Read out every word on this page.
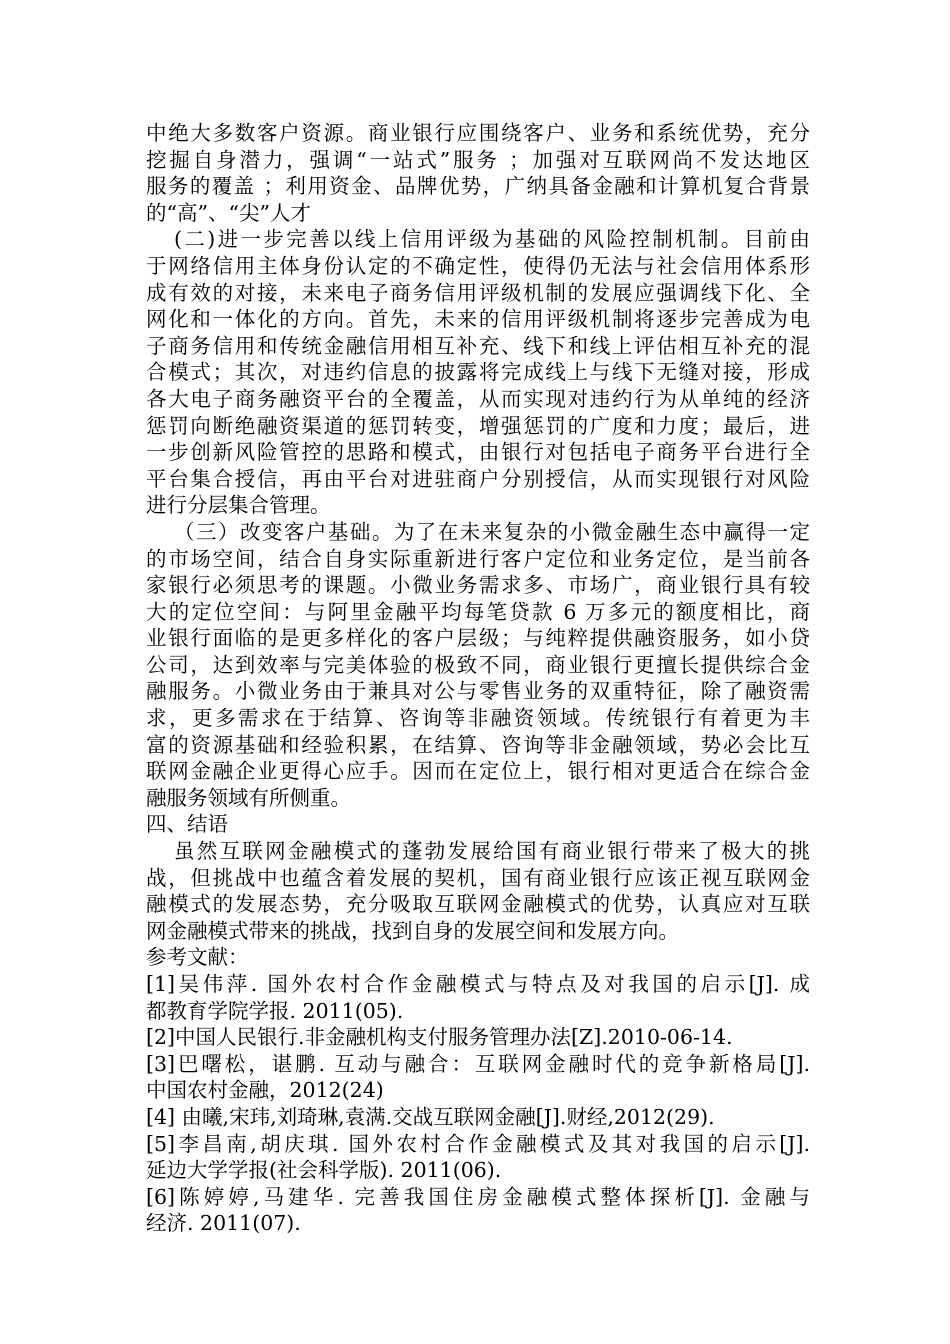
中绝大多数客户资源。商业银行应围绕客户、业务和系统优势，充分
挖掘自身潜力，强调“一站式”服务 ；加强对互联网尚不发达地区
服务的覆盖 ；利用资金、品牌优势，广纳具备金融和计算机复合背景
的“高”、“尖”人才
(二)进一步完善以线上信用评级为基础的风险控制机制。目前由
于网络信用主体身份认定的不确定性，使得仍无法与社会信用体系形
成有效的对接，未来电子商务信用评级机制的发展应强调线下化、全
网化和一体化的方向。首先，未来的信用评级机制将逐步完善成为电
子商务信用和传统金融信用相互补充、线下和线上评估相互补充的混
合模式；其次，对违约信息的披露将完成线上与线下无缝对接，形成
各大电子商务融资平台的全覆盖，从而实现对违约行为从单纯的经济
惩罚向断绝融资渠道的惩罚转变，增强惩罚的广度和力度；最后，进
一步创新风险管控的思路和模式，由银行对包括电子商务平台进行全
平台集合授信，再由平台对进驻商户分别授信，从而实现银行对风险
进行分层集合管理。
（三）改变客户基础。为了在未来复杂的小微金融生态中赢得一定
的市场空间，结合自身实际重新进行客户定位和业务定位，是当前各
家银行必须思考的课题。小微业务需求多、市场广，商业银行具有较
大的定位空间：与阿里金融平均每笔贷款 6 万多元的额度相比，商
业银行面临的是更多样化的客户层级；与纯粹提供融资服务，如小贷
公司，达到效率与完美体验的极致不同，商业银行更擅长提供综合金
融服务。小微业务由于兼具对公与零售业务的双重特征，除了融资需
求，更多需求在于结算、咨询等非融资领域。传统银行有着更为丰
富的资源基础和经验积累，在结算、咨询等非金融领域，势必会比互
联网金融企业更得心应手。因而在定位上，银行相对更适合在综合金
融服务领域有所侧重。
四、结语
虽然互联网金融模式的蓬勃发展给国有商业银行带来了极大的挑
战，但挑战中也蕴含着发展的契机，国有商业银行应该正视互联网金
融模式的发展态势，充分吸取互联网金融模式的优势，认真应对互联
网金融模式带来的挑战，找到自身的发展空间和发展方向。
参考文献：
[1]吴伟萍. 国外农村合作金融模式与特点及对我国的启示[J]. 成
都教育学院学报. 2011(05).
[2]中国人民银行.非金融机构支付服务管理办法[Z].2010-06-14.
[3]巴曙松，谌鹏. 互动与融合：互联网金融时代的竞争新格局[J].
中国农村金融，2012(24)
[4] 由曦,宋玮,刘琦琳,袁满.交战互联网金融[J].财经,2012(29).
[5]李昌南,胡庆琪. 国外农村合作金融模式及其对我国的启示[J].
延边大学学报(社会科学版). 2011(06).
[6]陈婷婷,马建华. 完善我国住房金融模式整体探析[J]. 金融与
经济. 2011(07).
